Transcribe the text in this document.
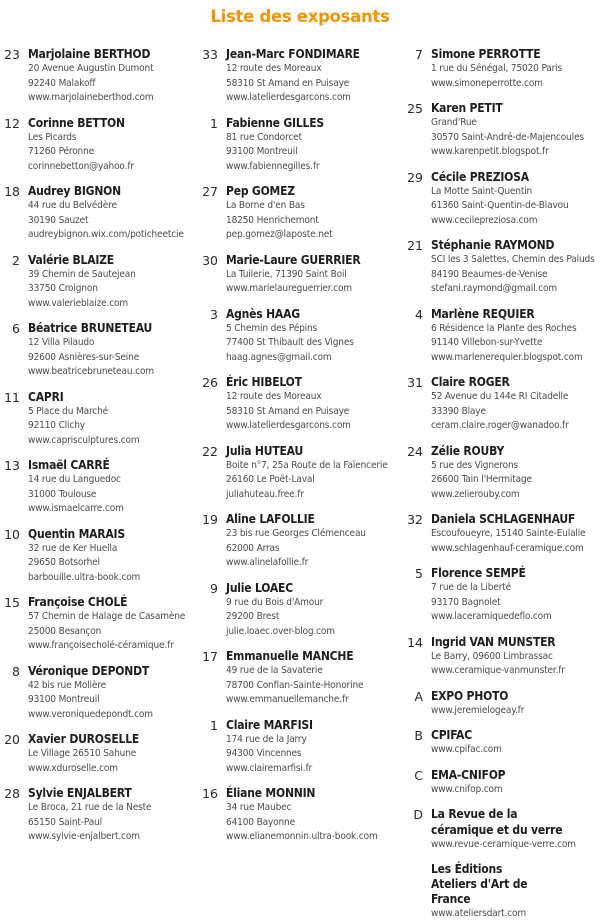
Liste des exposants
23 Marjolaine BERTHOD
20 Avenue Augustin Dumont
92240 Malakoff
www.marjolaineberthod.com
12 Corinne BETTON
Les Picards
71260 Péronne
corinnebetton@yahoo.fr
18 Audrey BIGNON
44 rue du Belvédère
30190 Sauzet
audreybignon.wix.com/poticheetcie
2 Valérie BLAIZE
39 Chemin de Sautejean
33750 Croignon
www.valerieblaize.com
6 Béatrice BRUNETEAU
12 Villa Pilaudo
92600 Asnières-sur-Seine
www.beatricebruneteau.com
11 CAPRI
5 Place du Marché
92110 Clichy
www.caprisculptures.com
13 Ismaël CARRÉ
14 rue du Languedoc
31000 Toulouse
www.ismaelcarre.com
10 Quentin MARAIS
32 rue de Ker Huella
29650 Botsorhel
barbouille.ultra-book.com
15 Françoise CHOLÉ
57 Chemin de Halage de Casamène
25000 Besançon
www.françoisecholé-céramique.fr
8 Véronique DEPONDT
42 bis rue Molière
93100 Montreuil
www.veroniquedepondt.com
20 Xavier DUROSELLE
Le Village 26510 Sahune
www.xduroselle.com
28 Sylvie ENJALBERT
Le Broca, 21 rue de la Neste
65150 Saint-Paul
www.sylvie-enjalbert.com
33 Jean-Marc FONDIMARE
12 route des Moreaux
58310 St Amand en Puisaye
www.latelierdesgarcons.com
1 Fabienne GILLES
81 rue Condorcet
93100 Montreuil
www.fabiennegilles.fr
27 Pep GOMEZ
La Borne d'en Bas
18250 Henrichemont
pep.gomez@laposte.net
30 Marie-Laure GUERRIER
La Tuilerie, 71390 Saint Boil
www.marielaureguerrier.com
3 Agnès HAAG
5 Chemin des Pépins
77400 St Thibault des Vignes
haag.agnes@gmail.com
26 Éric HIBELOT
12 route des Moreaux
58310 St Amand en Puisaye
www.latelierdesgarcons.com
22 Julia HUTEAU
Boite n°7, 25a Route de la Faïencerie
26160 Le Poët-Laval
juliahuteau.free.fr
19 Aline LAFOLLIE
23 bis rue Georges Clémenceau
62000 Arras
www.alinelafollie.fr
9 Julie LOAEC
9 rue du Bois d'Amour
29200 Brest
julie.loaec.over-blog.com
17 Emmanuelle MANCHE
49 rue de la Savaterie
78700 Conflan-Sainte-Honorine
www.emmanuellemanche.fr
1 Claire MARFISI
174 rue de la Jarry
94300 Vincennes
www.clairemarfisi.fr
16 Éliane MONNIN
34 rue Maubec
64100 Bayonne
www.elianemonnin.ultra-book.com
7 Simone PERROTTE
1 rue du Sénégal, 75020 Paris
www.simoneperrotte.com
25 Karen PETIT
Grand'Rue
30570 Saint-André-de-Majencoules
www.karenpetit.blogspot.fr
29 Cécile PREZIOSA
La Motte Saint-Quentin
61360 Saint-Quentin-de-Blavou
www.cecilepreziosa.com
21 Stéphanie RAYMOND
SCI les 3 Salettes, Chemin des Paluds
84190 Beaumes-de-Venise
stefani.raymond@gmail.com
4 Marlène REQUIER
6 Résidence la Plante des Roches
91140 Villebon-sur-Yvette
www.marlenerequier.blogspot.com
31 Claire ROGER
52 Avenue du 144e RI Citadelle
33390 Blaye
ceram.claire.roger@wanadoo.fr
24 Zélie ROUBY
5 rue des Vignerons
26600 Tain l'Hermitage
www.zelierouby.com
32 Daniela SCHLAGENHAUF
Escoufoueyre, 15140 Sainte-Eulalie
www.schlagenhauf-ceramique.com
5 Florence SEMPÉ
7 rue de la Liberté
93170 Bagnolet
www.laceramiquedeflo.com
14 Ingrid VAN MUNSTER
Le Barry, 09600 Limbrassac
www.ceramique-vanmunster.fr
A EXPO PHOTO
www.jeremielogeay.fr
B CPIFAC
www.cpifac.com
C EMA-CNIFOP
www.cnifop.com
D La Revue de la céramique et du verre
www.revue-ceramique-verre.com
Les Éditions Ateliers d'Art de France
www.ateliersdart.com
